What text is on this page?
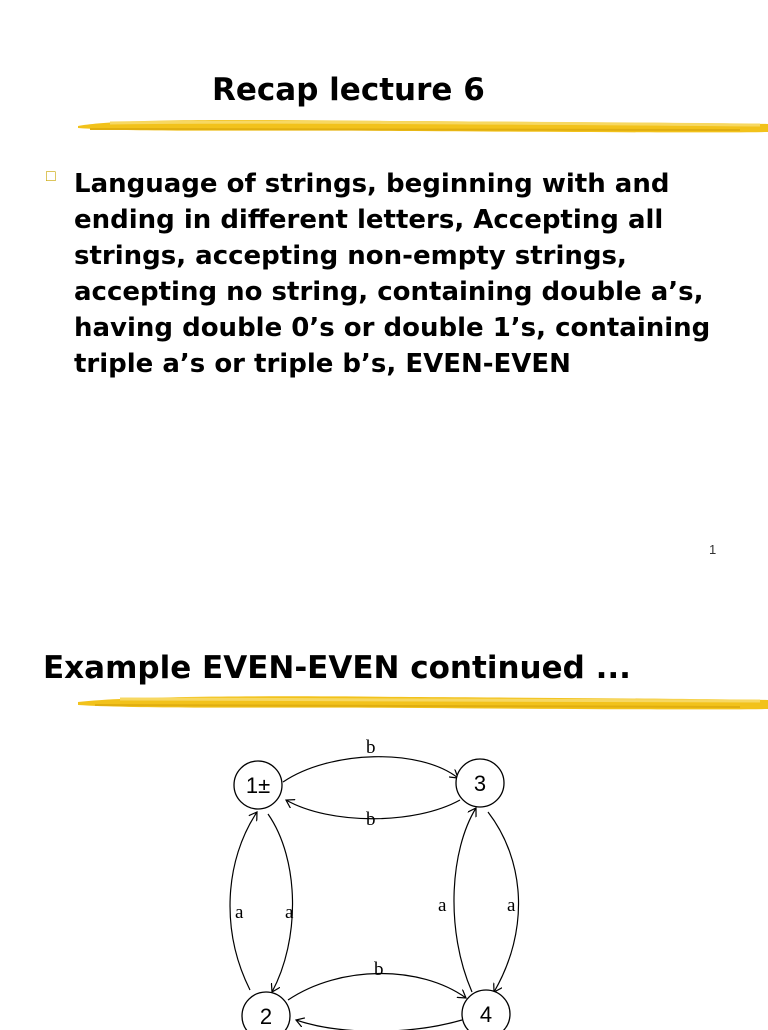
Recap lecture 6
□ Language of strings, beginning with and
ending in different letters, Accepting all
strings, accepting non-empty strings,
accepting no string, containing double a’s,
having double 0’s or double 1’s, containing
triple a’s or triple b’s, EVEN-EVEN
1
Example EVEN-EVEN continued ...
b
b
a a	a	a
b
1±	3
2	4
